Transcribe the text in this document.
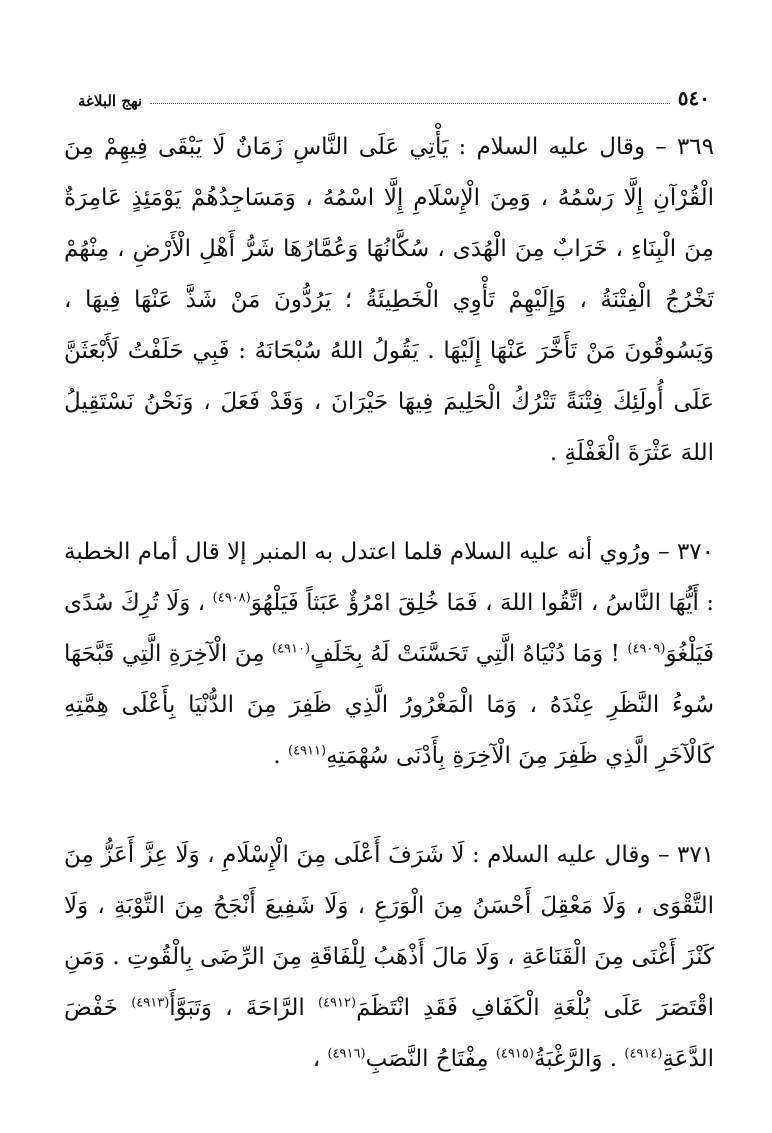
نهج البلاغة	٥٤٠

٣٦٩ – وقال عليه السلام : يَأْتِي عَلَى النَّاسِ زَمَانٌ لَا يَبْقَى فِيهِمْ مِنَ الْقُرْآنِ إِلَّا رَسْمُهُ ، وَمِنَ الْإِسْلَامِ إِلَّا اسْمُهُ ، وَمَسَاجِدُهُمْ يَوْمَئِذٍ عَامِرَةٌ مِنَ الْبِنَاءِ ، خَرَابٌ مِنَ الْهُدَى ، سُكَّانُهَا وَعُمَّارُهَا شَرُّ أَهْلِ الْأَرْضِ ، مِنْهُمْ تَخْرُجُ الْفِتْنَةُ ، وَإِلَيْهِمْ تَأْوِي الْخَطِيئَةُ ؛ يَرُدُّونَ مَنْ شَذَّ عَنْهَا فِيهَا ، وَيَسُوقُونَ مَنْ تَأَخَّرَ عَنْهَا إِلَيْهَا . يَقُولُ اللهُ سُبْحَانَهُ : فَبِي حَلَفْتُ لَأَبْعَثَنَّ عَلَى أُولَئِكَ فِتْنَةً تَتْرُكُ الْحَلِيمَ فِيهَا حَيْرَانَ ، وَقَدْ فَعَلَ ، وَنَحْنُ نَسْتَقِيلُ اللهَ عَثْرَةَ الْغَفْلَةِ .

٣٧٠ – ورُوي أنه عليه السلام قلما اعتدل به المنبر إلا قال أمام الخطبة : أَيُّهَا النَّاسُ ، اتَّقُوا اللهَ ، فَمَا خُلِقَ امْرُؤٌ عَبَثاً فَيَلْهُوَ$^{(٤٩٠٨)}$ ، وَلَا تُرِكَ سُدًى فَيَلْغُوَ$^{(٤٩٠٩)}$ ! وَمَا دُنْيَاهُ الَّتِي تَحَسَّنَتْ لَهُ بِخَلَفٍ$^{(٤٩١٠)}$ مِنَ الْآخِرَةِ الَّتِي قَبَّحَهَا سُوءُ النَّظَرِ عِنْدَهُ ، وَمَا الْمَغْرُورُ الَّذِي ظَفِرَ مِنَ الدُّنْيَا بِأَعْلَى هِمَّتِهِ كَالْآخَرِ الَّذِي ظَفِرَ مِنَ الْآخِرَةِ بِأَدْنَى سُهْمَتِهِ$^{(٤٩١١)}$ .

٣٧١ – وقال عليه السلام : لَا شَرَفَ أَعْلَى مِنَ الْإِسْلَامِ ، وَلَا عِزَّ أَعَزُّ مِنَ التَّقْوَى ، وَلَا مَعْقِلَ أَحْسَنُ مِنَ الْوَرَعِ ، وَلَا شَفِيعَ أَنْجَحُ مِنَ التَّوْبَةِ ، وَلَا كَنْزَ أَغْنَى مِنَ الْقَنَاعَةِ ، وَلَا مَالَ أَذْهَبُ لِلْفَاقَةِ مِنَ الرِّضَى بِالْقُوتِ . وَمَنِ اقْتَصَرَ عَلَى بُلْغَةِ الْكَفَافِ فَقَدِ انْتَظَمَ$^{(٤٩١٢)}$ الرَّاحَةَ ، وَتَبَوَّأَ$^{(٤٩١٣)}$ خَفْضَ الدَّعَةِ$^{(٤٩١٤)}$ . وَالرَّغْبَةُ$^{(٤٩١٥)}$ مِفْتَاحُ النَّصَبِ$^{(٤٩١٦)}$ ،
